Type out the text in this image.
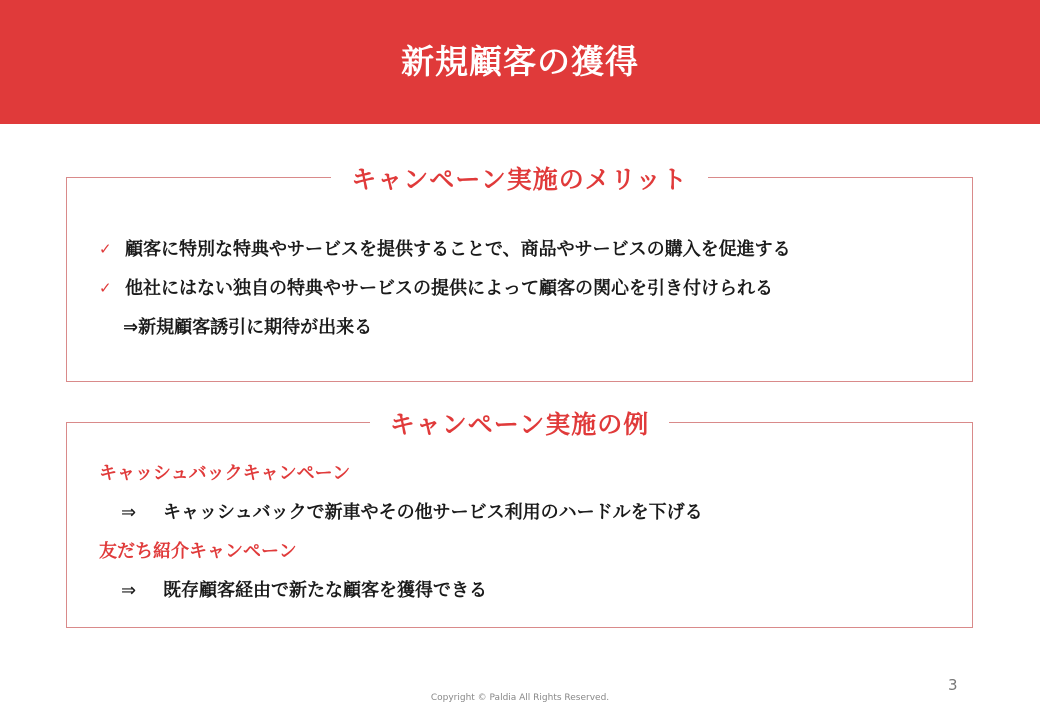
新規顧客の獲得
キャンペーン実施のメリット
✓ 顧客に特別な特典やサービスを提供することで、商品やサービスの購入を促進する
✓ 他社にはない独自の特典やサービスの提供によって顧客の関心を引き付けられる
⇒新規顧客誘引に期待が出来る
キャンペーン実施の例
キャッシュバックキャンペーン
⇒ キャッシュバックで新車やその他サービス利用のハードルを下げる
友だち紹介キャンペーン
⇒ 既存顧客経由で新たな顧客を獲得できる
3
Copyright © Paldia All Rights Reserved.
